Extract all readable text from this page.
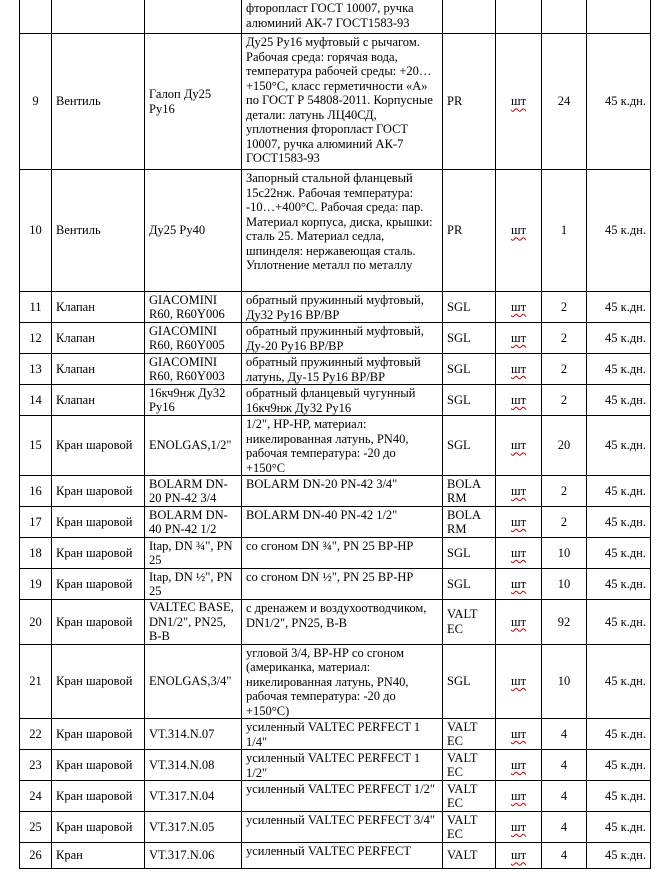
			фторопласт ГОСТ 10007, ручка алюминий АК-7 ГОСТ1583-93				
9	Вентиль	Галоп Ду25 Ру16	Ду25 Ру16 муфтовый с рычагом. Рабочая среда: горячая вода, температура рабочей среды: +20…+150°С, класс герметичности «А» по ГОСТ Р 54808-2011. Корпусные детали: латунь ЛЦ40СД, уплотнения фторопласт ГОСТ 10007, ручка алюминий АК-7 ГОСТ1583-93	PR	шт	24	45 к.дн.
10	Вентиль	Ду25 Ру40	Запорный стальной фланцевый 15с22нж. Рабочая температура: -10…+400°С. Рабочая среда: пар. Материал корпуса, диска, крышки: сталь 25. Материал седла, шпинделя: нержавеющая сталь. Уплотнение металл по металлу	PR	шт	1	45 к.дн.
11	Клапан	GIACOMINI R60, R60Y006	обратный пружинный муфтовый, Ду32 Ру16 ВР/ВР	SGL	шт	2	45 к.дн.
12	Клапан	GIACOMINI R60, R60Y005	обратный пружинный муфтовый, Ду-20 Ру16 ВР/ВР	SGL	шт	2	45 к.дн.
13	Клапан	GIACOMINI R60, R60Y003	обратный пружинный муфтовый латунь, Ду-15 Ру16 ВР/ВР	SGL	шт	2	45 к.дн.
14	Клапан	16кч9нж Ду32 Ру16	обратный фланцевый чугунный 16кч9нж Ду32 Ру16	SGL	шт	2	45 к.дн.
15	Кран шаровой	ENOLGAS,1/2"	1/2", НР-НР, материал: никелированная латунь, PN40, рабочая температура: -20 до +150°С	SGL	шт	20	45 к.дн.
16	Кран шаровой	BOLARM DN-20 PN-42 3/4	BOLARM DN-20 PN-42 3/4"	BOLA RM	шт	2	45 к.дн.
17	Кран шаровой	BOLARM DN-40 PN-42 1/2	BOLARM DN-40 PN-42 1/2"	BOLA RM	шт	2	45 к.дн.
18	Кран шаровой	Itap, DN ¾", PN 25	со сгоном DN ¾", PN 25 ВР-НР	SGL	шт	10	45 к.дн.
19	Кран шаровой	Itap, DN ½", PN 25	со сгоном DN ½", PN 25 ВР-НР	SGL	шт	10	45 к.дн.
20	Кран шаровой	VALTEC BASE, DN1/2", PN25, В-В	с дренажем и воздухоотводчиком, DN1/2", PN25, В-В	VALT EC	шт	92	45 к.дн.
21	Кран шаровой	ENOLGAS,3/4"	угловой 3/4, ВР-НР со сгоном (американка, материал: никелированная латунь, PN40, рабочая температура: -20 до +150°С)	SGL	шт	10	45 к.дн.
22	Кран шаровой	VT.314.N.07	усиленный VALTEC PERFECT 1 1/4"	VALT EC	шт	4	45 к.дн.
23	Кран шаровой	VT.314.N.08	усиленный VALTEC PERFECT 1 1/2"	VALT EC	шт	4	45 к.дн.
24	Кран шаровой	VT.317.N.04	усиленный VALTEC PERFECT 1/2"	VALT EC	шт	4	45 к.дн.
25	Кран шаровой	VT.317.N.05	усиленный VALTEC PERFECT 3/4"	VALT EC	шт	4	45 к.дн.
26	Кран	VT.317.N.06	усиленный VALTEC PERFECT	VALT	шт	4	45 к.дн.
